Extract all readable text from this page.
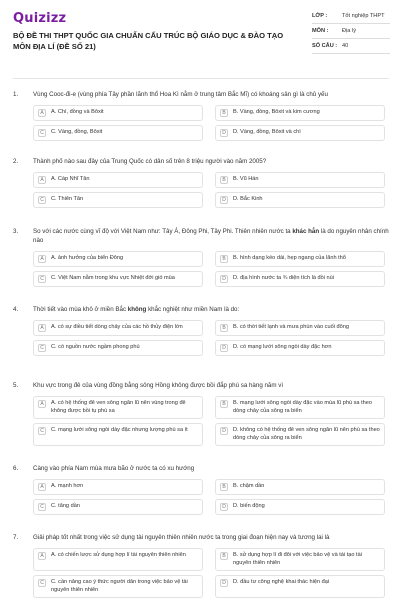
Quizizz
BỘ ĐỀ THI THPT QUỐC GIA CHUẨN CẤU TRÚC BỘ GIÁO DỤC & ĐÀO TẠO MÔN ĐỊA LÍ (ĐỀ SỐ 21)
LỚP :	Tốt nghiệp THPT
MÔN :	Địa lý
SỐ CÂU : 40
1.	Vùng Cooc-đi-e (vùng phía Tây phần lãnh thổ Hoa Kì nằm ở trung tâm Bắc Mĩ) có khoáng sản gì là chủ yếu
A	A. Chì, đồng và Bôxit	B	B. Vàng, đồng, Bôxit và kim cương
C	C. Vàng, đồng, Bôxit	D	D. Vàng, đồng, Bôxit và chì
2.	Thành phố nào sau đây của Trung Quốc có dân số trên 8 triệu người vào năm 2005?
A	A. Cáp Nhĩ Tân	B	B. Vũ Hán
C	C. Thiên Tân	D	D. Bắc Kinh
3.	So với các nước cùng vĩ độ với Việt Nam như: Tây Á, Đông Phi, Tây Phi. Thiên nhiên nước ta khác hẳn là do nguyên nhân chính nào
A	A. ảnh hưởng của biển Đông	B	B. hình dạng kéo dài, hẹp ngang của lãnh thổ
C	C. Việt Nam nằm trong khu vực Nhiệt đới gió mùa	D	D. địa hình nước ta ¾ diện tích là đồi núi
4.	Thời tiết vào mùa khô ở miền Bắc không khắc nghiệt như miền Nam là do:
A	A. có sự điều tiết dòng chảy của các hồ thủy điện lớn	B	B. có thời tiết lạnh và mưa phùn vào cuối đông
C	C. có nguồn nước ngầm phong phú	D	D. có mạng lưới sông ngòi dày đặc hơn
5.	Khu vực trong đê của vùng đồng bằng sông Hồng không được bồi đắp phù sa hàng năm vì
A	A. có hệ thống đê ven sông ngăn lũ nên vùng trong đê không được bồi tụ phù sa
B	B. mạng lưới sông ngòi dày đặc vào mùa lũ phù sa theo dòng chảy của sông ra biển
C	C. mạng lưới sông ngòi dày đặc nhưng lượng phù sa ít	D	D. không có hệ thống đê ven sông ngăn lũ nên phù sa theo dòng chảy của sông ra biển
6.	Càng vào phía Nam mùa mưa bão ở nước ta có xu hướng
A	A. mạnh hơn	B	B. chậm dần
C	C. tăng dần	D	D. biến động
7.	Giải pháp tốt nhất trong việc sử dụng tài nguyên thiên nhiên nước ta trong giai đoạn hiện nay và tương lai là
A	A. có chiến lược sử dụng hợp lí tài nguyên thiên nhiên	B	B. sử dụng hợp lí đi đôi với việc bảo vệ và tái tạo tài nguyên thiên nhiên
C	C. cần nâng cao ý thức người dân trong việc bảo vệ tài nguyên thiên nhiên
D	D. đầu tư công nghệ khai thác hiện đại
